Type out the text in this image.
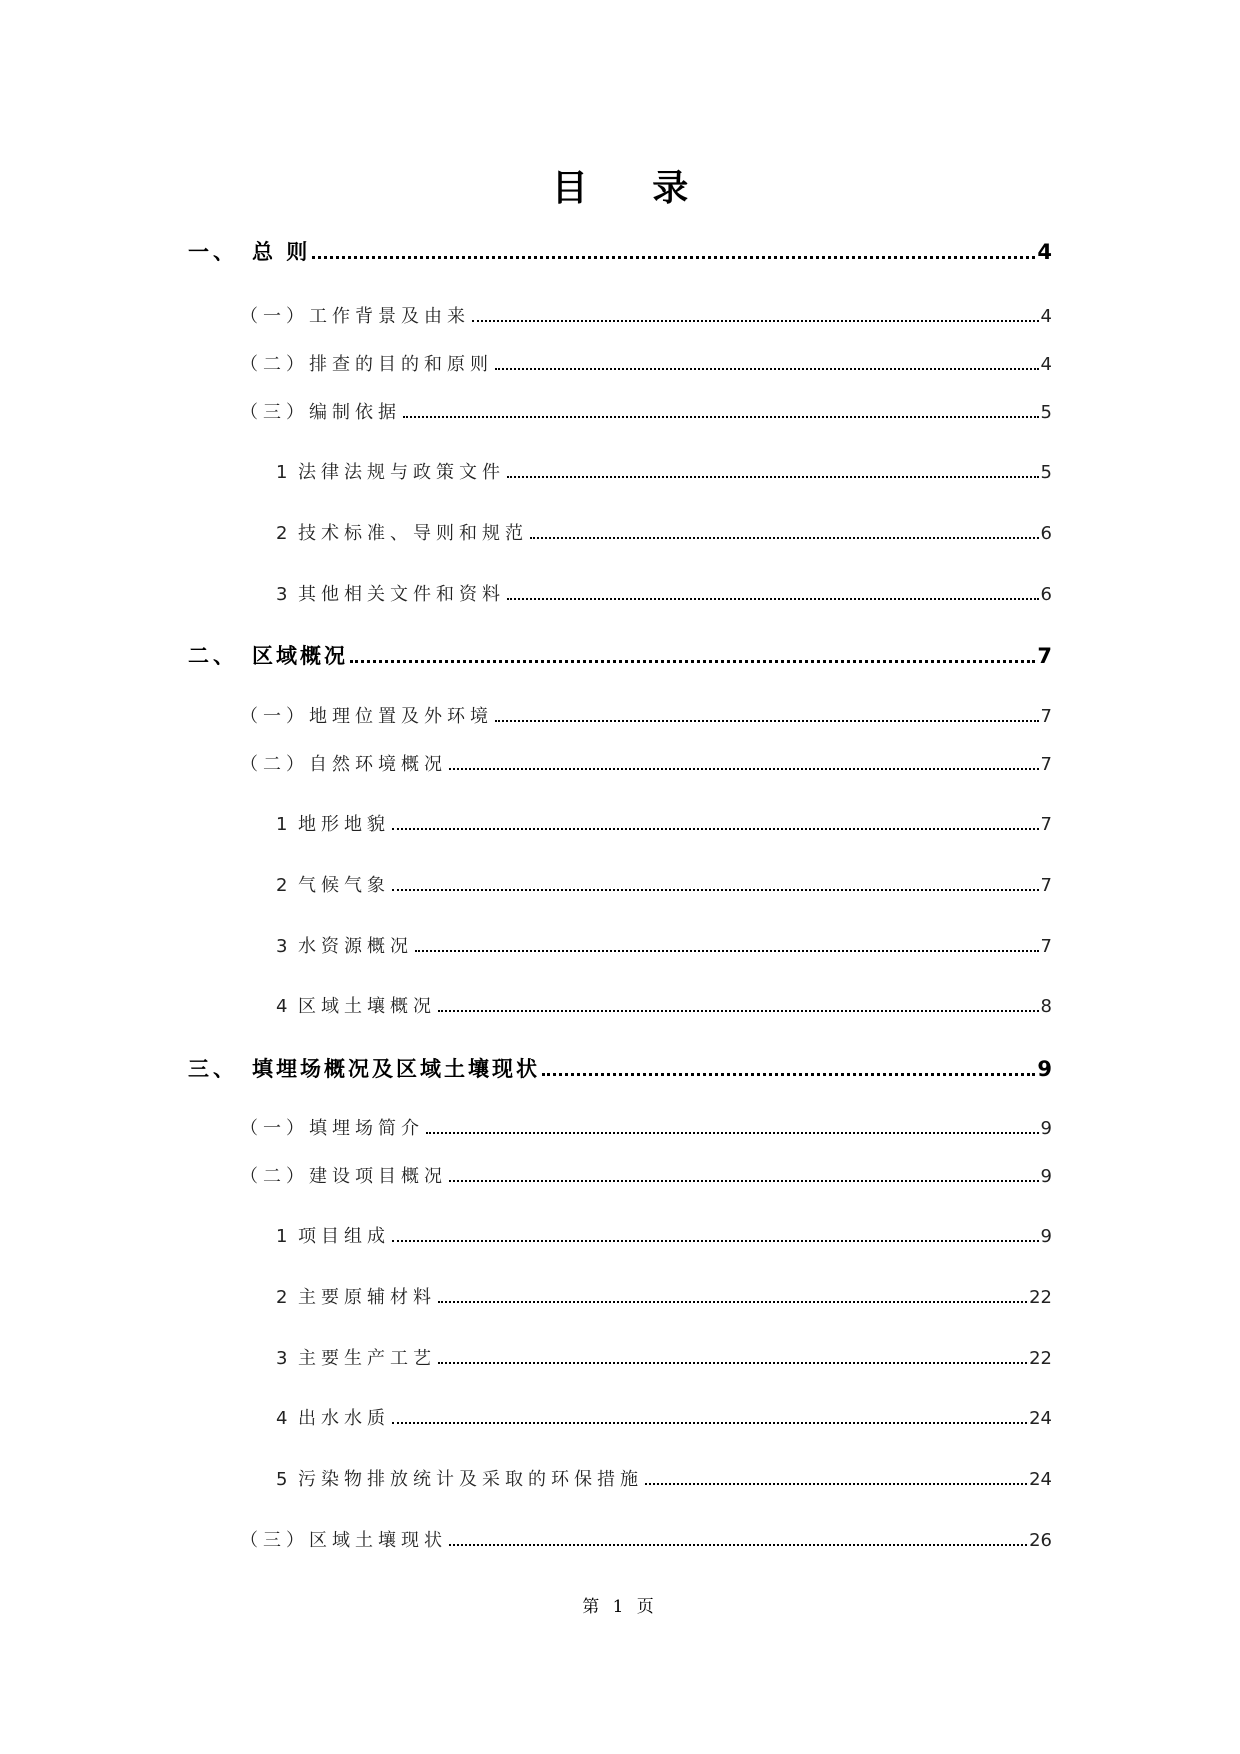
目 录
一、 总 则	4
（一）工作背景及由来	4
（二）排查的目的和原则	4
（三）编制依据	5
1 法律法规与政策文件	5
2 技术标准、导则和规范	6
3 其他相关文件和资料	6
二、 区域概况	7
（一）地理位置及外环境	7
（二）自然环境概况	7
1 地形地貌	7
2 气候气象	7
3 水资源概况	7
4 区域土壤概况	8
三、 填埋场概况及区域土壤现状	9
（一）填埋场简介	9
（二）建设项目概况	9
1 项目组成	9
2 主要原辅材料	22
3 主要生产工艺	22
4 出水水质	24
5 污染物排放统计及采取的环保措施	24
（三）区域土壤现状	26
第 1 页
